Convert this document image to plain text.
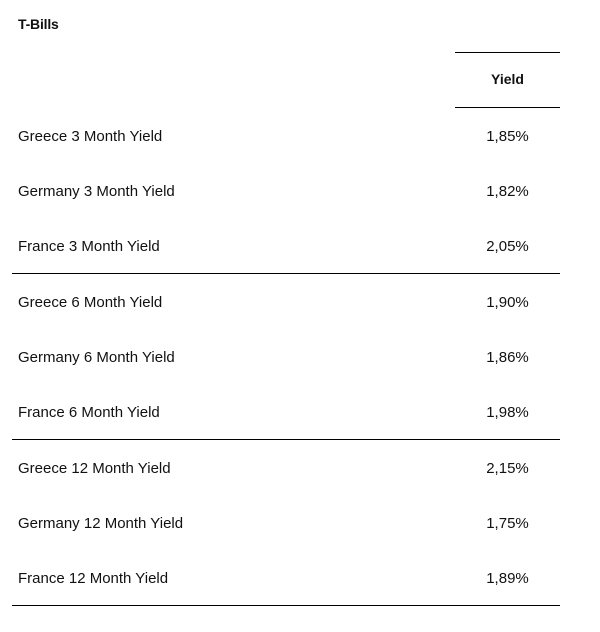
T-Bills
Yield
Greece 3 Month Yield	1,85%
Germany 3 Month Yield	1,82%
France 3 Month Yield	2,05%
Greece 6 Month Yield	1,90%
Germany 6 Month Yield	1,86%
France 6 Month Yield	1,98%
Greece 12 Month Yield	2,15%
Germany 12 Month Yield	1,75%
France 12 Month Yield	1,89%
